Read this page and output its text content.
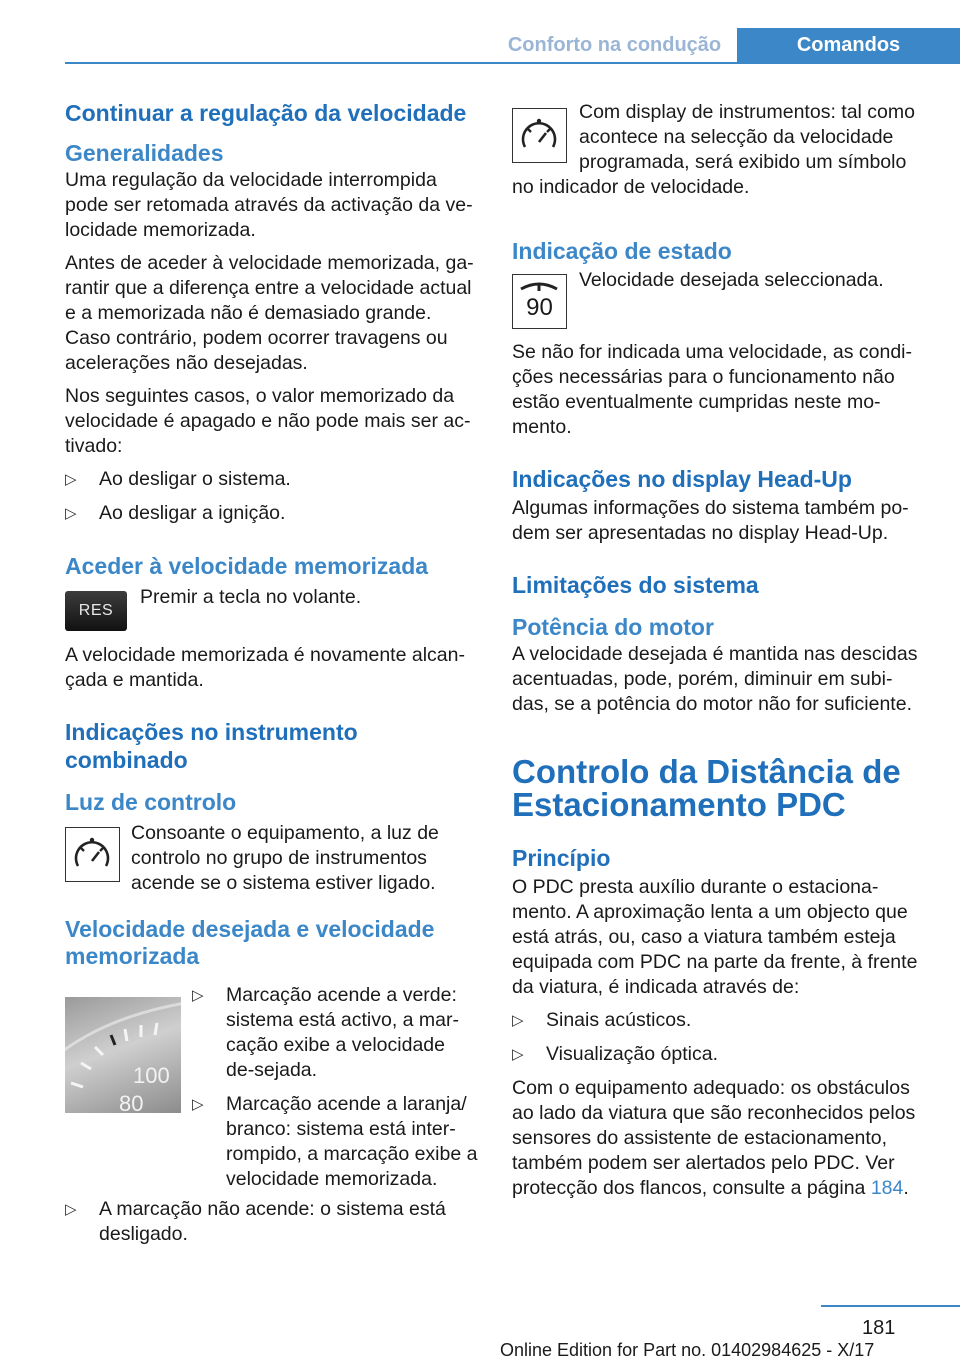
Conforto na condução	Comandos
Continuar a regulação da velocidade
Generalidades

Uma regulação da velocidade interrompida pode ser retomada através da activação da ve-locidade memorizada.

Antes de aceder à velocidade memorizada, ga-rantir que a diferença entre a velocidade actual e a memorizada não é demasiado grande. Caso contrário, podem ocorrer travagens ou acelerações não desejadas.

Nos seguintes casos, o valor memorizado da velocidade é apagado e não pode mais ser ac-tivado:

▷ Ao desligar o sistema.
▷ Ao desligar a ignição.
Aceder à velocidade memorizada
RES

Premir a tecla no volante.

A velocidade memorizada é novamente alcan-çada e mantida.

Indicações no instrumento combinado
Luz de controlo

Consoante o equipamento, a luz de controlo no grupo de instrumentos acende se o sistema estiver ligado.

Velocidade desejada e velocidade memorizada
100
80
▷ Marcação acende a verde: sistema está activo, a mar-cação exibe a velocidade de-sejada.
▷ Marcação acende a laranja/ branco: sistema está inter-rompido, a marcação exibe a velocidade memorizada.
▷ A marcação não acende: o sistema está desligado.

Com display de instrumentos: tal como acontece na selecção da velocidade programada, será exibido um símbolo

no indicador de velocidade.

Indicação de estado
90

Velocidade desejada seleccionada.

Se não for indicada uma velocidade, as condi-ções necessárias para o funcionamento não estão eventualmente cumpridas neste mo-mento.

Indicações no display Head-Up

Algumas informações do sistema também po-dem ser apresentadas no display Head-Up.

Limitações do sistema
Potência do motor

A velocidade desejada é mantida nas descidas acentuadas, pode, porém, diminuir em subi-das, se a potência do motor não for suficiente.

Controlo da Distância de Estacionamento PDC
Princípio

O PDC presta auxílio durante o estaciona-mento. A aproximação lenta a um objecto que está atrás, ou, caso a viatura também esteja equipada com PDC na parte da frente, à frente da viatura, é indicada através de:

▷ Sinais acústicos.
▷ Visualização óptica.

Com o equipamento adequado: os obstáculos ao lado da viatura que são reconhecidos pelos sensores do assistente de estacionamento, também podem ser alertados pelo PDC. Ver protecção dos flancos, consulte a página 184.

181
Online Edition for Part no. 01402984625 - X/17
